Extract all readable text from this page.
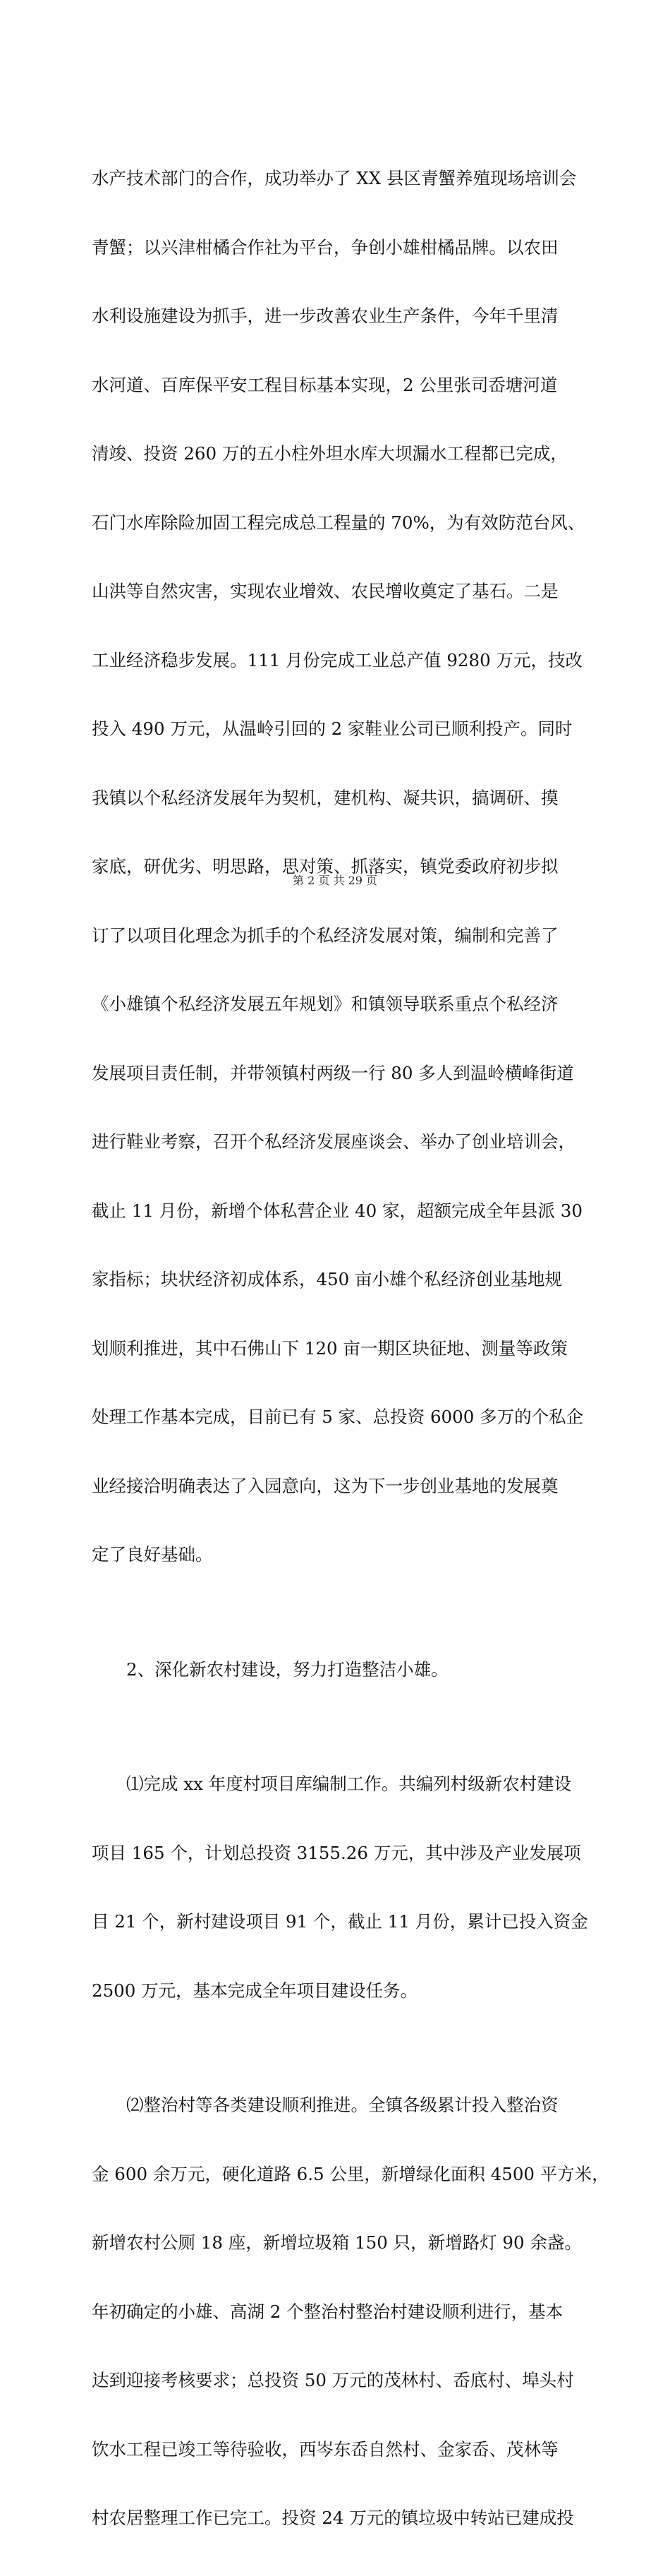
水产技术部门的合作，成功举办了 XX 县区青蟹养殖现场培训会

青蟹；以兴津柑橘合作社为平台，争创小雄柑橘品牌。以农田

水利设施建设为抓手，进一步改善农业生产条件，今年千里清

水河道、百库保平安工程目标基本实现，2 公里张司岙塘河道

清竣、投资 260 万的五小柱外坦水库大坝漏水工程都已完成，

石门水库除险加固工程完成总工程量的 70%，为有效防范台风、

山洪等自然灾害，实现农业增效、农民增收奠定了基石。二是

工业经济稳步发展。111 月份完成工业总产值 9280 万元，技改

投入 490 万元，从温岭引回的 2 家鞋业公司已顺利投产。同时

我镇以个私经济发展年为契机，建机构、凝共识，搞调研、摸

家底，研优劣、明思路，思对策、抓落实，镇党委政府初步拟

订了以项目化理念为抓手的个私经济发展对策，编制和完善了

《小雄镇个私经济发展五年规划》和镇领导联系重点个私经济

发展项目责任制，并带领镇村两级一行 80 多人到温岭横峰街道

进行鞋业考察，召开个私经济发展座谈会、举办了创业培训会，

截止 11 月份，新增个体私营企业 40 家，超额完成全年县派 30

家指标；块状经济初成体系，450 亩小雄个私经济创业基地规

划顺利推进，其中石佛山下 120 亩一期区块征地、测量等政策

处理工作基本完成，目前已有 5 家、总投资 6000 多万的个私企

业经接洽明确表达了入园意向，这为下一步创业基地的发展奠

定了良好基础。

2、深化新农村建设，努力打造整洁小雄。

⑴完成 xx 年度村项目库编制工作。共编列村级新农村建设

项目 165 个，计划总投资 3155.26 万元，其中涉及产业发展项

目 21 个，新村建设项目 91 个，截止 11 月份，累计已投入资金

2500 万元，基本完成全年项目建设任务。

⑵整治村等各类建设顺利推进。全镇各级累计投入整治资

金 600 余万元，硬化道路 6.5 公里，新增绿化面积 4500 平方米，

新增农村公厕 18 座，新增垃圾箱 150 只，新增路灯 90 余盏。

年初确定的小雄、高湖 2 个整治村整治村建设顺利进行，基本

达到迎接考核要求；总投资 50 万元的茂林村、岙底村、埠头村

饮水工程已竣工等待验收，西岑东岙自然村、金家岙、茂林等

村农居整理工作已完工。投资 24 万元的镇垃圾中转站已建成投

第 2 页 共 29 页
